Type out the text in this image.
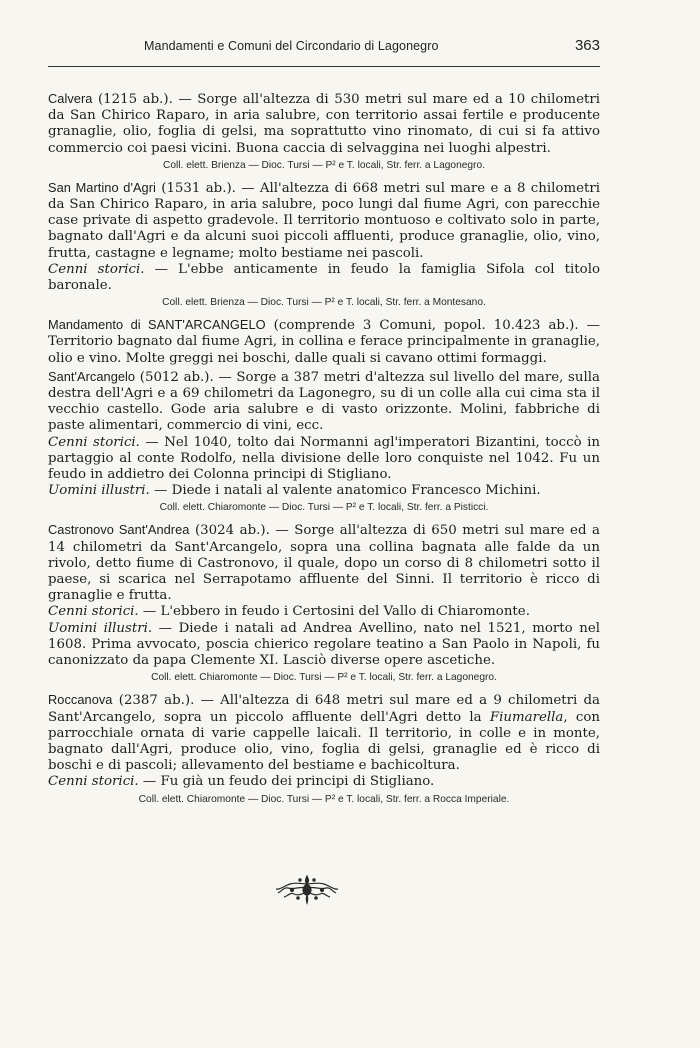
Mandamenti e Comuni del Circondario di Lagonegro	363

Calvera (1215 ab.). — Sorge all'altezza di 530 metri sul mare ed a 10 chilometri da San Chirico Raparo, in aria salubre, con territorio assai fertile e producente granaglie, olio, foglia di gelsi, ma soprattutto vino rinomato, di cui si fa attivo commercio coi paesi vicini. Buona caccia di selvaggina nei luoghi alpestri.

Coll. elett. Brienza — Dioc. Tursi — P² e T. locali, Str. ferr. a Lagonegro.

San Martino d'Agri (1531 ab.). — All'altezza di 668 metri sul mare e a 8 chilometri da San Chirico Raparo, in aria salubre, poco lungi dal fiume Agri, con parecchie case private di aspetto gradevole. Il territorio montuoso e coltivato solo in parte, bagnato dall'Agri e da alcuni suoi piccoli affluenti, produce granaglie, olio, vino, frutta, castagne e legname; molto bestiame nei pascoli.

Cenni storici. — L'ebbe anticamente in feudo la famiglia Sifola col titolo baronale.

Coll. elett. Brienza — Dioc. Tursi — P² e T. locali, Str. ferr. a Montesano.

Mandamento di SANT'ARCANGELO (comprende 3 Comuni, popol. 10.423 ab.). — Territorio bagnato dal fiume Agri, in collina e ferace principalmente in granaglie, olio e vino. Molte greggi nei boschi, dalle quali si cavano ottimi formaggi.

Sant'Arcangelo (5012 ab.). — Sorge a 387 metri d'altezza sul livello del mare, sulla destra dell'Agri e a 69 chilometri da Lagonegro, su di un colle alla cui cima sta il vecchio castello. Gode aria salubre e di vasto orizzonte. Molini, fabbriche di paste alimentari, commercio di vini, ecc.

Cenni storici. — Nel 1040, tolto dai Normanni agl'imperatori Bizantini, toccò in partaggio al conte Rodolfo, nella divisione delle loro conquiste nel 1042. Fu un feudo in addietro dei Colonna principi di Stigliano.

Uomini illustri. — Diede i natali al valente anatomico Francesco Michini.

Coll. elett. Chiaromonte — Dioc. Tursi — P² e T. locali, Str. ferr. a Pisticci.

Castronovo Sant'Andrea (3024 ab.). — Sorge all'altezza di 650 metri sul mare ed a 14 chilometri da Sant'Arcangelo, sopra una collina bagnata alle falde da un rivolo, detto fiume di Castronovo, il quale, dopo un corso di 8 chilometri sotto il paese, si scarica nel Serrapotamo affluente del Sinni. Il territorio è ricco di granaglie e frutta.

Cenni storici. — L'ebbero in feudo i Certosini del Vallo di Chiaromonte.

Uomini illustri. — Diede i natali ad Andrea Avellino, nato nel 1521, morto nel 1608. Prima avvocato, poscia chierico regolare teatino a San Paolo in Napoli, fu canonizzato da papa Clemente XI. Lasciò diverse opere ascetiche.

Coll. elett. Chiaromonte — Dioc. Tursi — P² e T. locali, Str. ferr. a Lagonegro.

Roccanova (2387 ab.). — All'altezza di 648 metri sul mare ed a 9 chilometri da Sant'Arcangelo, sopra un piccolo affluente dell'Agri detto la Fiumarella, con parrocchiale ornata di varie cappelle laicali. Il territorio, in colle e in monte, bagnato dall'Agri, produce olio, vino, foglia di gelsi, granaglie ed è ricco di boschi e di pascoli; allevamento del bestiame e bachicoltura.

Cenni storici. — Fu già un feudo dei principi di Stigliano.

Coll. elett. Chiaromonte — Dioc. Tursi — P² e T. locali, Str. ferr. a Rocca Imperiale.
